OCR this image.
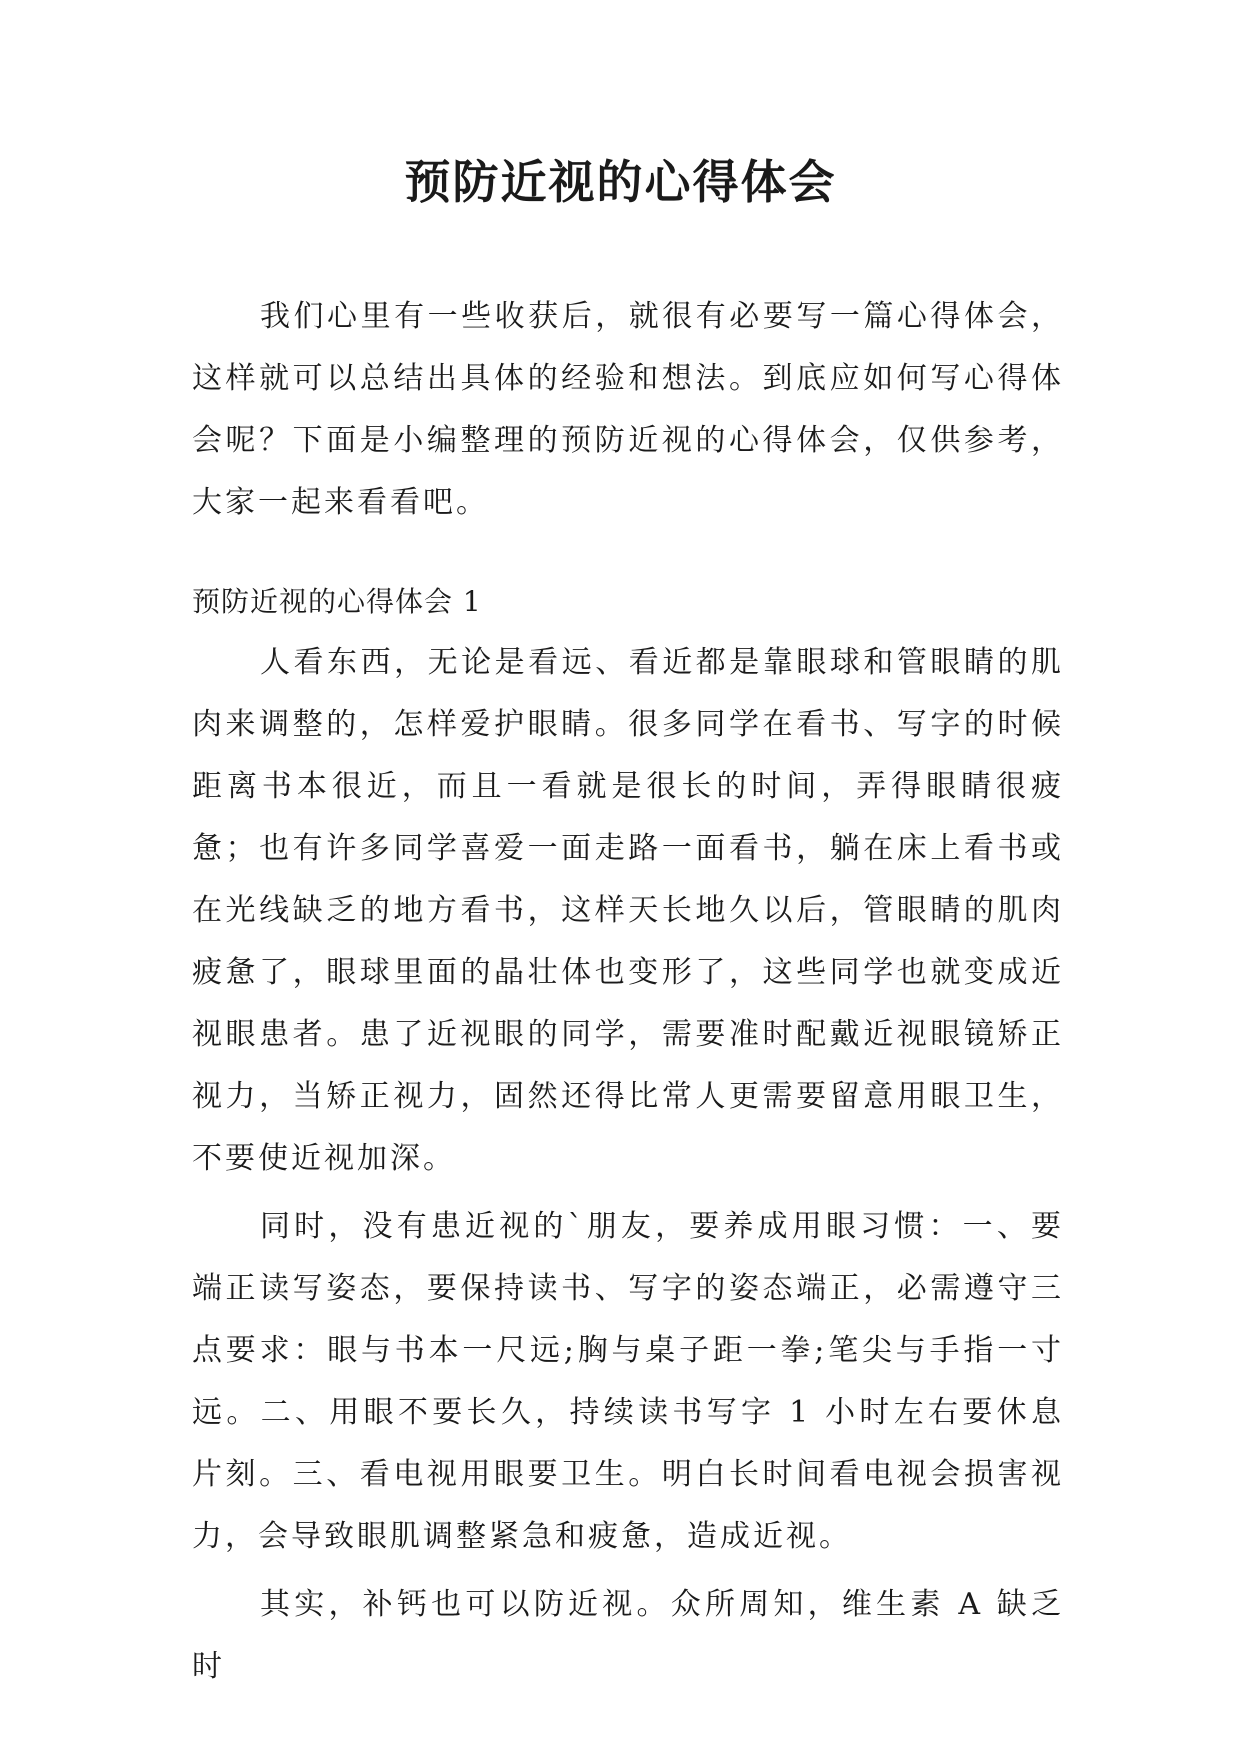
预防近视的心得体会

我们心里有一些收获后，就很有必要写一篇心得体会，这样就可以总结出具体的经验和想法。到底应如何写心得体会呢？下面是小编整理的预防近视的心得体会，仅供参考，大家一起来看看吧。

预防近视的心得体会 1

人看东西，无论是看远、看近都是靠眼球和管眼睛的肌肉来调整的，怎样爱护眼睛。很多同学在看书、写字的时候距离书本很近，而且一看就是很长的时间，弄得眼睛很疲惫；也有许多同学喜爱一面走路一面看书，躺在床上看书或在光线缺乏的地方看书，这样天长地久以后，管眼睛的肌肉疲惫了，眼球里面的晶壮体也变形了，这些同学也就变成近视眼患者。患了近视眼的同学，需要准时配戴近视眼镜矫正视力，当矫正视力，固然还得比常人更需要留意用眼卫生，不要使近视加深。

同时，没有患近视的`朋友，要养成用眼习惯：一、要端正读写姿态，要保持读书、写字的姿态端正，必需遵守三点要求：眼与书本一尺远;胸与桌子距一拳;笔尖与手指一寸远。二、用眼不要长久，持续读书写字 1 小时左右要休息片刻。三、看电视用眼要卫生。明白长时间看电视会损害视力，会导致眼肌调整紧急和疲惫，造成近视。

其实，补钙也可以防近视。众所周知，维生素 A 缺乏时
